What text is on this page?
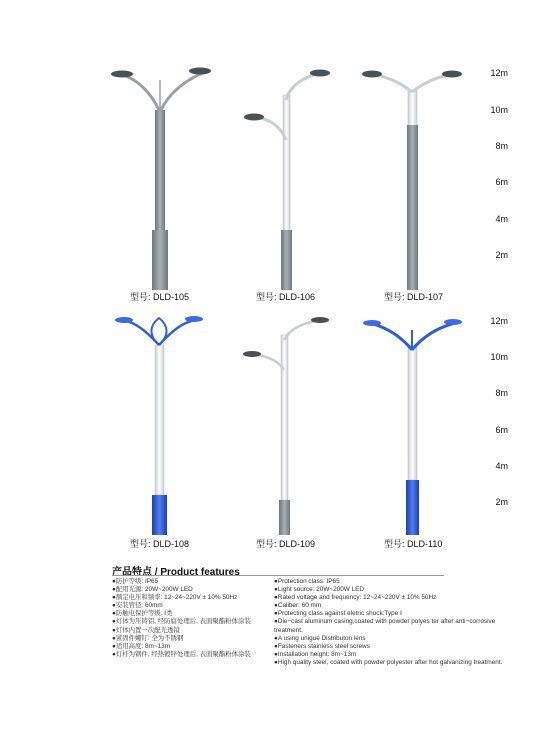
12m
10m
8m
6m
4m
2m
12m
10m
8m
6m
4m
2m
型号: DLD-105	型号: DLD-106	型号: DLD-107
型号: DLD-108	型号: DLD-109	型号: DLD-110
产品特点 / Product features
●防护等级: IP65
●配用光源: 20W~200W LED
●额定电压和频率: 12~24~220V ± 10% 50Hz
●安装管径: 60mm
●防触电保护等级: Ⅰ类
●灯体为压铸铝, 经防腐处理后, 表面聚酯粉体涂装
●灯体内置一次配光透镜
●紧固件螺钉: 全为不锈钢
●适用高度: 8m~13m
●灯杆为钢件, 经热镀锌处理后, 表面聚酯粉体涂装
●Protection class: IP65
●Light source: 20W~200W LED
●Rated voltage and frequency: 12~24~220V ± 10% 50Hz
●Caliber: 60 mm
●Protecting class against eletric shock:Type Ⅰ
●Die−cast aluminum casing,coated with powder polyes ter after anti−corrosive treatment.
●A using unigue Distributon lens
●Fasteners stainless steel screws
●Installation height: 8m~13m
●High quality steel, coated with powder polyester after hot galvanizing treatment.
